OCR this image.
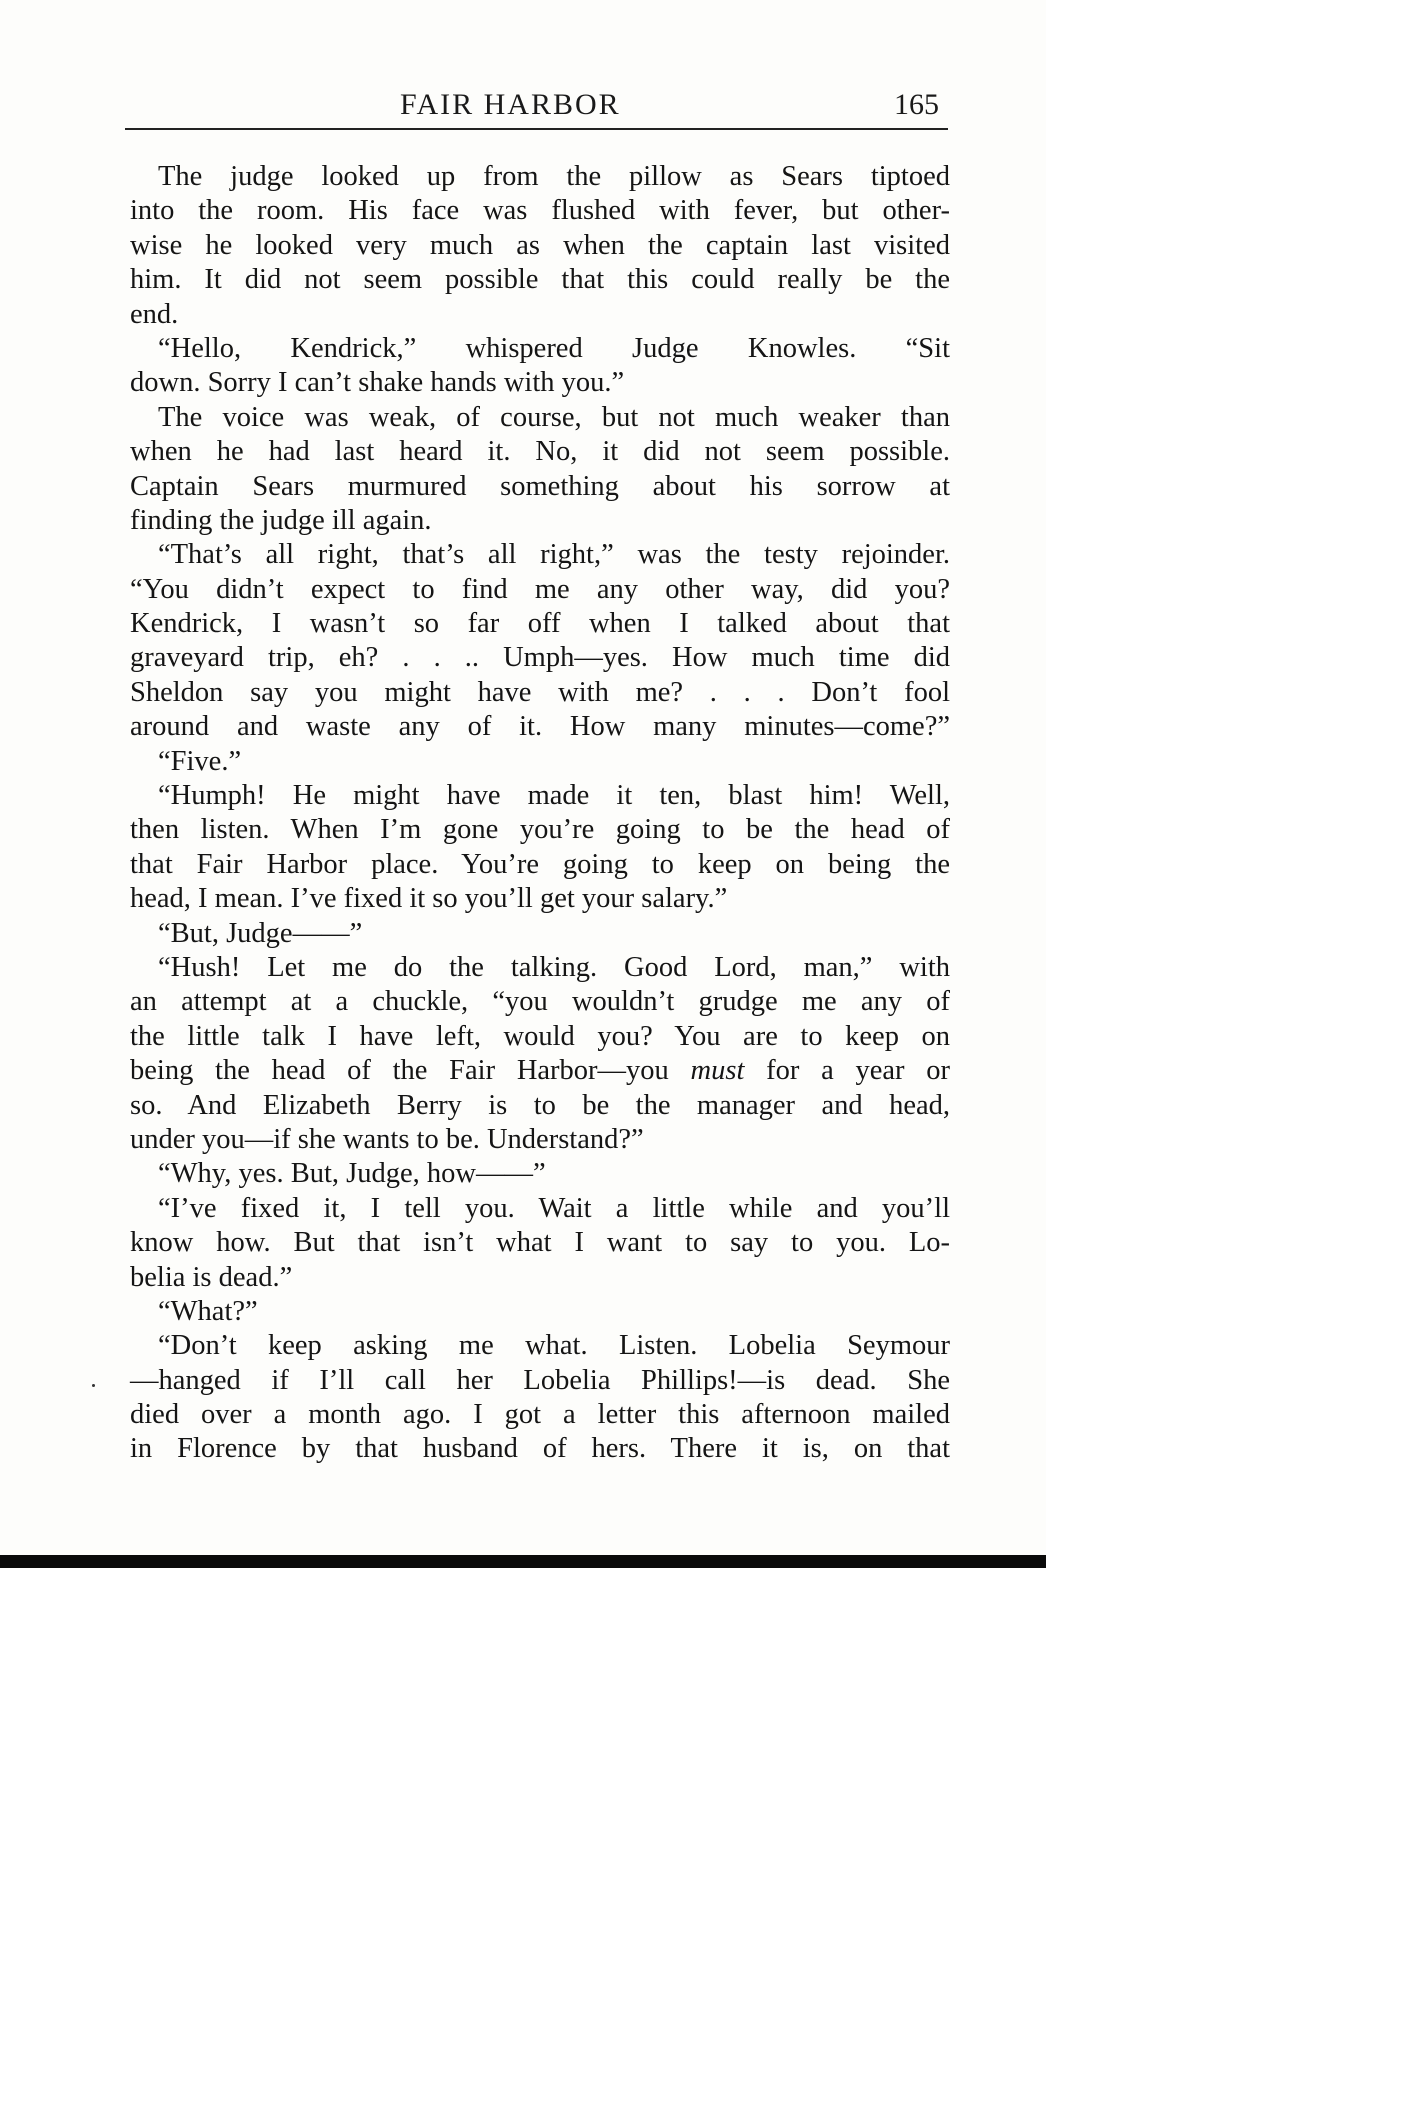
FAIR HARBOR	165
The judge looked up from the pillow as Sears tiptoed
into the room. His face was flushed with fever, but other-
wise he looked very much as when the captain last visited
him. It did not seem possible that this could really be the
end.
“Hello, Kendrick,” whispered Judge Knowles. “Sit
down. Sorry I can’t shake hands with you.”
The voice was weak, of course, but not much weaker than
when he had last heard it. No, it did not seem possible.
Captain Sears murmured something about his sorrow at
finding the judge ill again.
“That’s all right, that’s all right,” was the testy rejoinder.
“You didn’t expect to find me any other way, did you?
Kendrick, I wasn’t so far off when I talked about that
graveyard trip, eh? . . .. Umph—yes. How much time did
Sheldon say you might have with me? . . . Don’t fool
around and waste any of it. How many minutes—come?”
“Five.”
“Humph! He might have made it ten, blast him! Well,
then listen. When I’m gone you’re going to be the head of
that Fair Harbor place. You’re going to keep on being the
head, I mean. I’ve fixed it so you’ll get your salary.”
“But, Judge——”
“Hush! Let me do the talking. Good Lord, man,” with
an attempt at a chuckle, “you wouldn’t grudge me any of
the little talk I have left, would you? You are to keep on
being the head of the Fair Harbor—you must for a year or
so. And Elizabeth Berry is to be the manager and head,
under you—if she wants to be. Understand?”
“Why, yes. But, Judge, how——”
“I’ve fixed it, I tell you. Wait a little while and you’ll
know how. But that isn’t what I want to say to you. Lo-
belia is dead.”
“What?”
“Don’t keep asking me what. Listen. Lobelia Seymour
—hanged if I’ll call her Lobelia Phillips!—is dead. She
died over a month ago. I got a letter this afternoon mailed
in Florence by that husband of hers. There it is, on that
